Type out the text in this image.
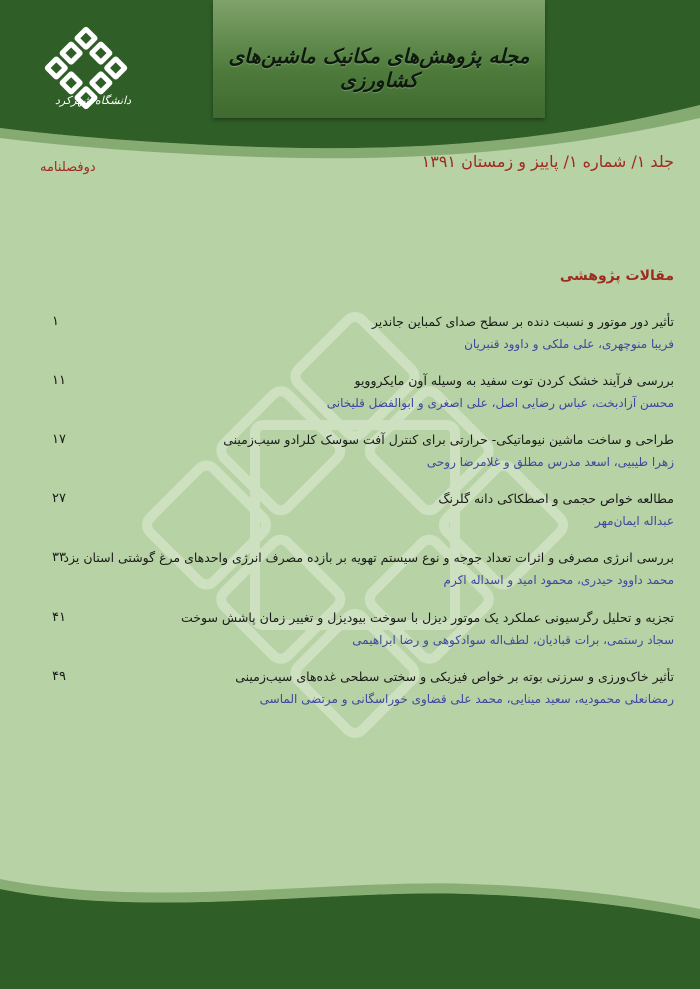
دانشگاه شهرکرد
مجله پژوهش‌های مکانیک ماشین‌های کشاورزی
جلد ۱/ شماره ۱/ پاییز و زمستان ۱۳۹۱
دوفصلنامه
مقالات پژوهشی
تأثیر دور موتور و نسبت دنده بر سطح صدای کمباین جاندیر
فریبا منوچهری، علی ملکی و داوود قنبریان
۱
بررسی فرآیند خشک کردن توت سفید به وسیله آون مایکروویو
محسن آزادبخت، عباس رضایی اصل، علی اصغری و ابوالفضل قلیخانی
۱۱
طراحی و ساخت ماشین نیوماتیکی- حرارتی برای کنترل آفت سوسک کلرادو سیب‌زمینی
زهرا طیبیی، اسعد مدرس مطلق و غلامرضا روحی
۱۷
مطالعه خواص حجمی و اصطکاکی دانه گلرنگ
عبداله ایمان‌مهر
۲۷
بررسی انرژی مصرفی و اثرات تعداد جوجه و نوع سیستم تهویه بر بازده مصرف انرژی واحدهای مرغ گوشتی استان یزد
محمد داوود حیدری، محمود امید و اسداله اکرم
۳۳
تجزیه و تحلیل رگرسیونی عملکرد یک موتور دیزل با سوخت بیودیزل و تغییر زمان پاشش سوخت
سجاد رستمی، برات قبادیان، لطف‌اله سوادکوهی و رضا ابراهیمی
۴۱
تأثیر خاک‌ورزی و سرزنی بوته بر خواص فیزیکی و سختی سطحی غده‌های سیب‌زمینی
رمضانعلی محمودیه، سعید مینایی، محمد علی قضاوی خوراسگانی و مرتضی الماسی
۴۹
